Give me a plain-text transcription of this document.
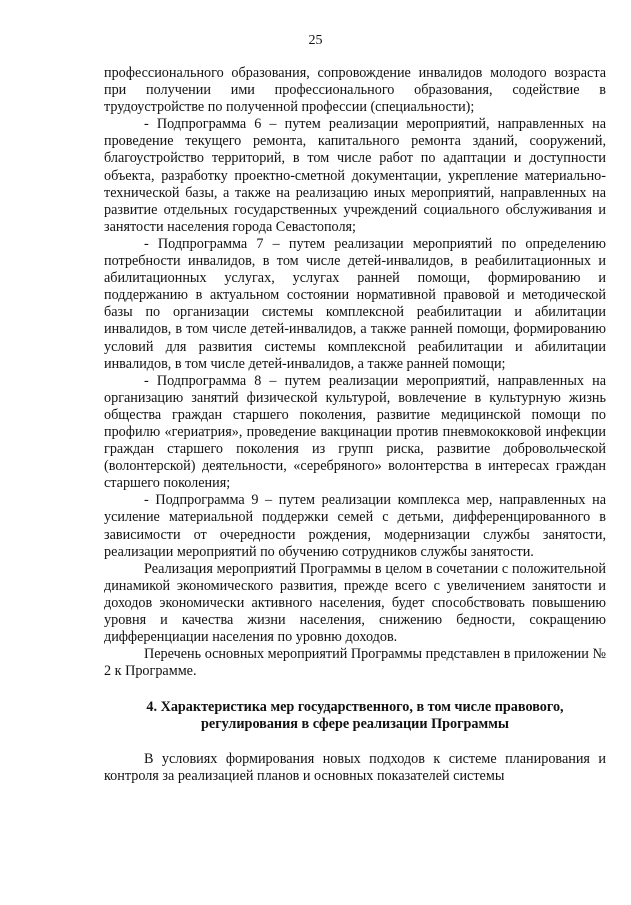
25

профессионального образования, сопровождение инвалидов молодого возраста при получении ими профессионального образования, содействие в трудоустройстве по полученной профессии (специальности);

- Подпрограмма 6 – путем реализации мероприятий, направленных на проведение текущего ремонта, капитального ремонта зданий, сооружений, благоустройство территорий, в том числе работ по адаптации и доступности объекта, разработку проектно-сметной документации, укрепление материально-технической базы, а также на реализацию иных мероприятий, направленных на развитие отдельных государственных учреждений социального обслуживания и занятости населения города Севастополя;

- Подпрограмма 7 – путем реализации мероприятий по определению потребности инвалидов, в том числе детей-инвалидов, в реабилитационных и абилитационных услугах, услугах ранней помощи, формированию и поддержанию в актуальном состоянии нормативной правовой и методической базы по организации системы комплексной реабилитации и абилитации инвалидов, в том числе детей-инвалидов, а также ранней помощи, формированию условий для развития системы комплексной реабилитации и абилитации инвалидов, в том числе детей-инвалидов, а также ранней помощи;

- Подпрограмма 8 – путем реализации мероприятий, направленных на организацию занятий физической культурой, вовлечение в культурную жизнь общества граждан старшего поколения, развитие медицинской помощи по профилю «гериатрия», проведение вакцинации против пневмококковой инфекции граждан старшего поколения из групп риска, развитие добровольческой (волонтерской) деятельности, «серебряного» волонтерства в интересах граждан старшего поколения;

- Подпрограмма 9 – путем реализации комплекса мер, направленных на усиление материальной поддержки семей с детьми, дифференцированного в зависимости от очередности рождения, модернизации службы занятости, реализации мероприятий по обучению сотрудников службы занятости.

Реализация мероприятий Программы в целом в сочетании с положительной динамикой экономического развития, прежде всего с увеличением занятости и доходов экономически активного населения, будет способствовать повышению уровня и качества жизни населения, снижению бедности, сокращению дифференциации населения по уровню доходов.

Перечень основных мероприятий Программы представлен в приложении № 2 к Программе.

4. Характеристика мер государственного, в том числе правового,
регулирования в сфере реализации Программы

В условиях формирования новых подходов к системе планирования и контроля за реализацией планов и основных показателей системы
